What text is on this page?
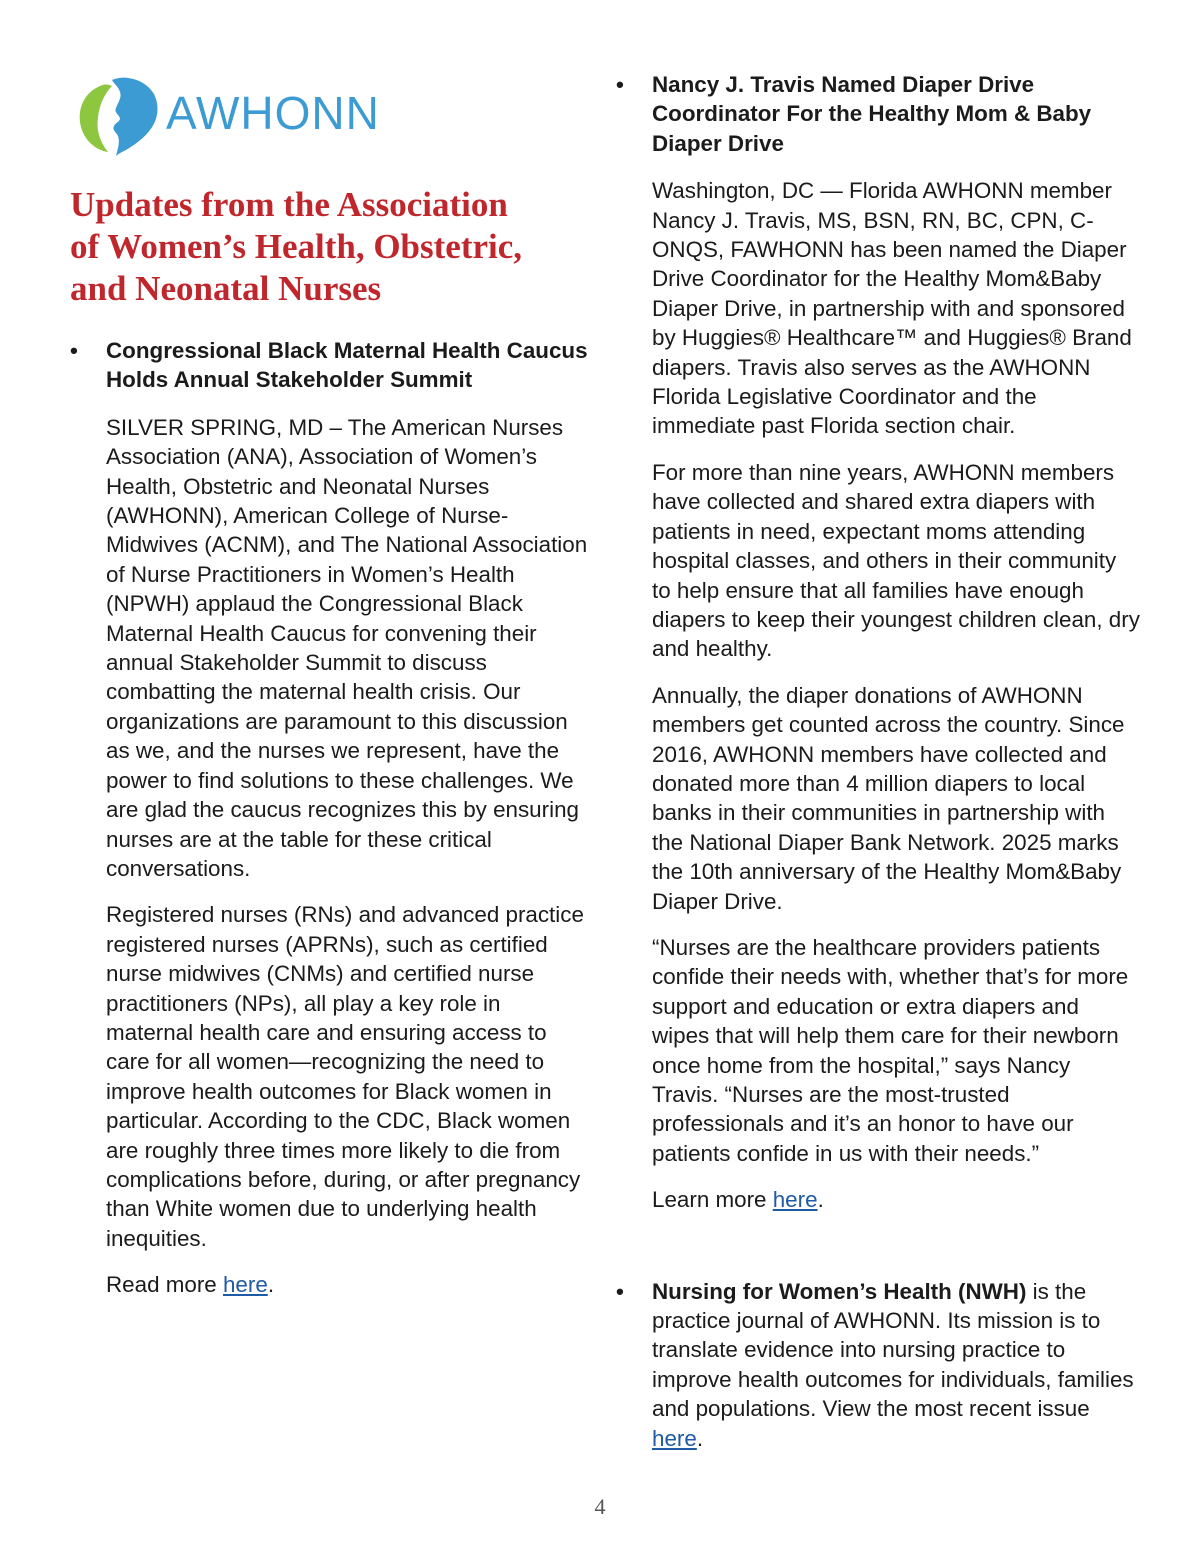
AWHONN
Updates from the Association
of Women’s Health, Obstetric,
and Neonatal Nurses
• Congressional Black Maternal Health Caucus Holds Annual Stakeholder Summit

SILVER SPRING, MD – The American Nurses Association (ANA), Association of Women’s Health, Obstetric and Neonatal Nurses (AWHONN), American College of Nurse-Midwives (ACNM), and The National Association of Nurse Practitioners in Women’s Health (NPWH) applaud the Congressional Black Maternal Health Caucus for convening their annual Stakeholder Summit to discuss combatting the maternal health crisis. Our organizations are paramount to this discussion as we, and the nurses we represent, have the power to find solutions to these challenges. We are glad the caucus recognizes this by ensuring nurses are at the table for these critical conversations.

Registered nurses (RNs) and advanced practice registered nurses (APRNs), such as certified nurse midwives (CNMs) and certified nurse practitioners (NPs), all play a key role in maternal health care and ensuring access to care for all women—recognizing the need to improve health outcomes for Black women in particular. According to the CDC, Black women are roughly three times more likely to die from complications before, during, or after pregnancy than White women due to underlying health inequities.

Read more here.

• Nancy J. Travis Named Diaper Drive Coordinator For the Healthy Mom & Baby Diaper Drive

Washington, DC — Florida AWHONN member Nancy J. Travis, MS, BSN, RN, BC, CPN, C-ONQS, FAWHONN has been named the Diaper Drive Coordinator for the Healthy Mom&Baby Diaper Drive, in partnership with and sponsored by Huggies® Healthcare™ and Huggies® Brand diapers. Travis also serves as the AWHONN Florida Legislative Coordinator and the immediate past Florida section chair.

For more than nine years, AWHONN members have collected and shared extra diapers with patients in need, expectant moms attending hospital classes, and others in their community to help ensure that all families have enough diapers to keep their youngest children clean, dry and healthy.

Annually, the diaper donations of AWHONN members get counted across the country. Since 2016, AWHONN members have collected and donated more than 4 million diapers to local banks in their communities in partnership with the National Diaper Bank Network. 2025 marks the 10th anniversary of the Healthy Mom&Baby Diaper Drive.

“Nurses are the healthcare providers patients confide their needs with, whether that’s for more support and education or extra diapers and wipes that will help them care for their newborn once home from the hospital,” says Nancy Travis. “Nurses are the most-trusted professionals and it’s an honor to have our patients confide in us with their needs.”

Learn more here.

• Nursing for Women’s Health (NWH) is the practice journal of AWHONN. Its mission is to translate evidence into nursing practice to improve health outcomes for individuals, families and populations. View the most recent issue here.

4
